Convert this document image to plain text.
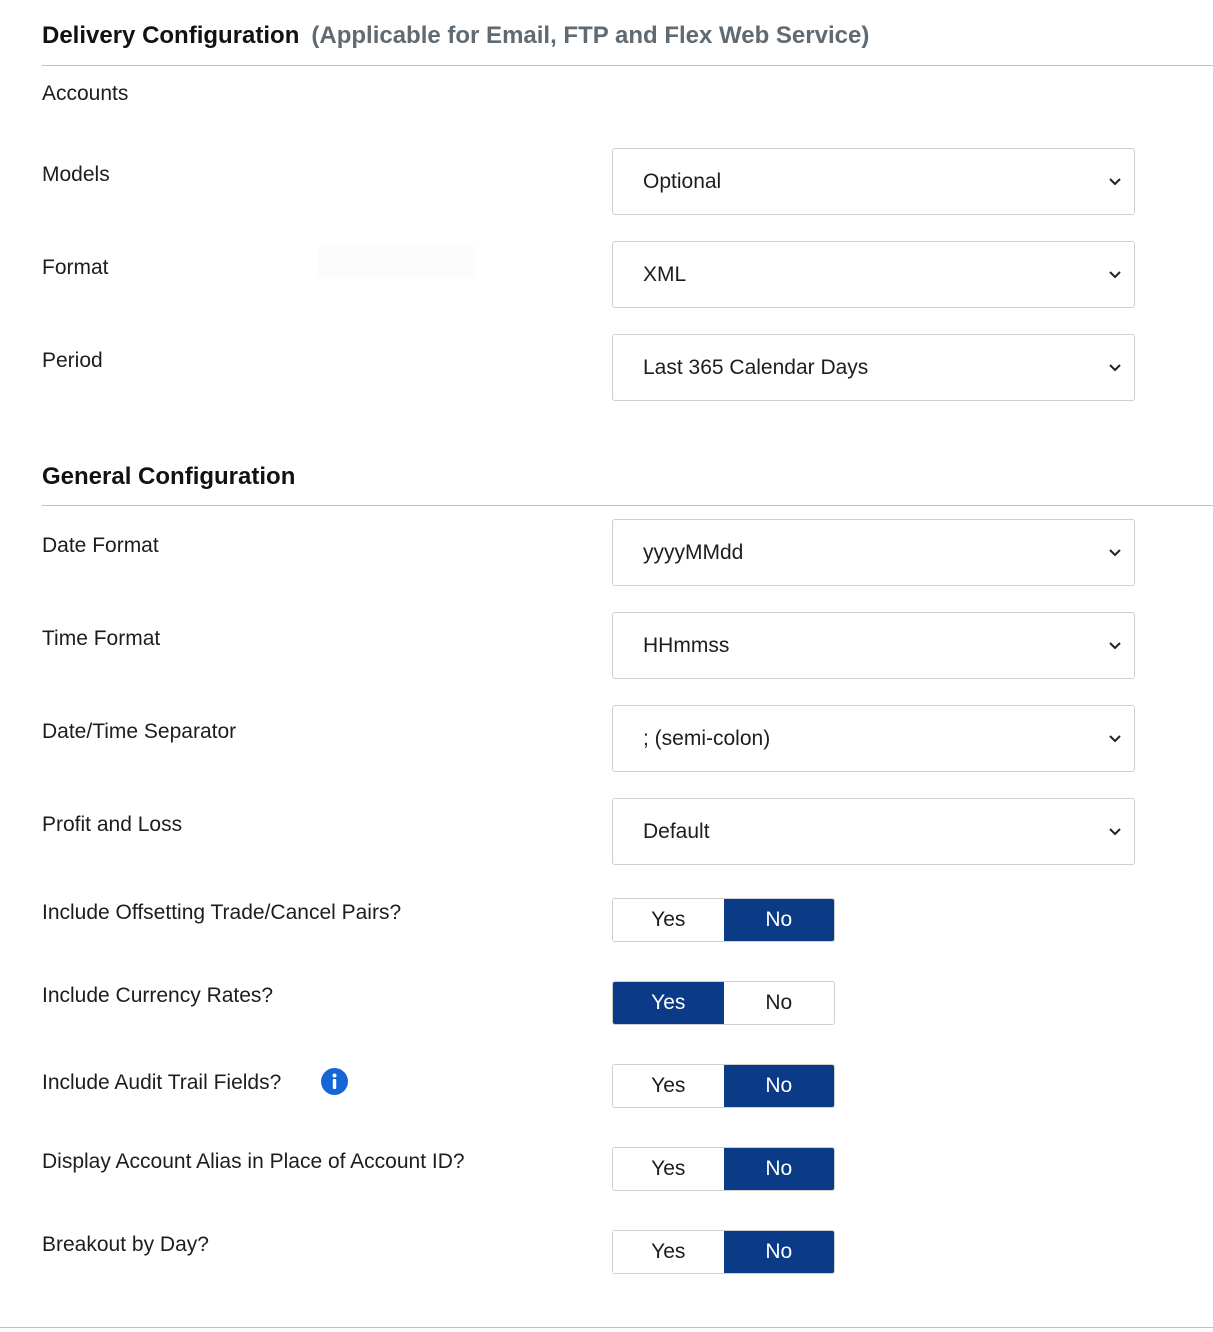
Delivery Configuration (Applicable for Email, FTP and Flex Web Service)
Accounts
Models	Optional
Format	XML
Period	Last 365 Calendar Days
General Configuration
Date Format	yyyyMMdd
Time Format	HHmmss
Date/Time Separator	; (semi-colon)
Profit and Loss	Default
Include Offsetting Trade/Cancel Pairs?	Yes	No
Include Currency Rates?	Yes	No
Include Audit Trail Fields?	Yes	No
Display Account Alias in Place of Account ID?	Yes	No
Breakout by Day?	Yes	No
